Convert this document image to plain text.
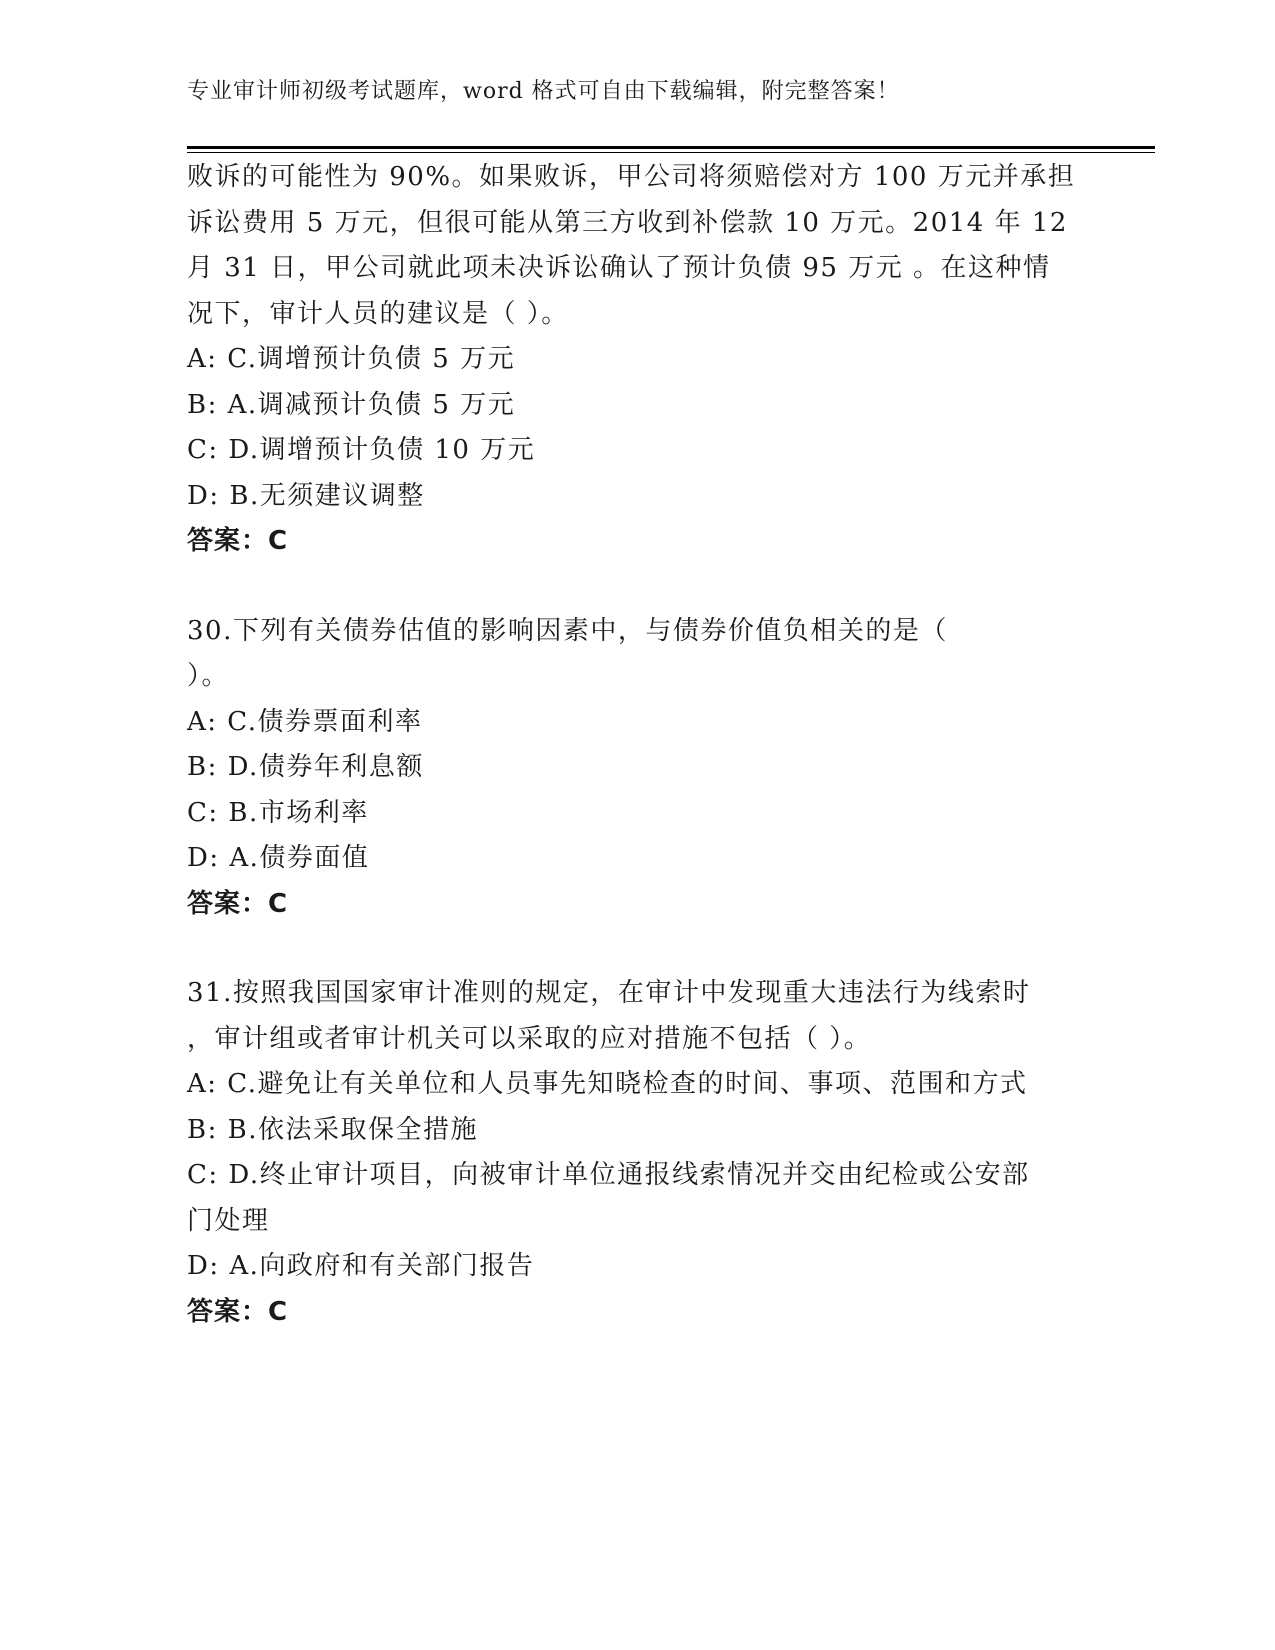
专业审计师初级考试题库，word 格式可自由下载编辑，附完整答案！
败诉的可能性为 90%。如果败诉，甲公司将须赔偿对方 100 万元并承担
诉讼费用 5 万元，但很可能从第三方收到补偿款 10 万元。2014 年 12
月 31 日，甲公司就此项未决诉讼确认了预计负债 95 万元 。在这种情
况下，审计人员的建议是（ ）。
A: C.调增预计负债 5 万元
B: A.调减预计负债 5 万元
C: D.调增预计负债 10 万元
D: B.无须建议调整
答案：C
30.下列有关债券估值的影响因素中，与债券价值负相关的是（
）。
A: C.债券票面利率
B: D.债券年利息额
C: B.市场利率
D: A.债券面值
答案：C
31.按照我国国家审计准则的规定，在审计中发现重大违法行为线索时
，审计组或者审计机关可以采取的应对措施不包括（ ）。
A: C.避免让有关单位和人员事先知晓检查的时间、事项、范围和方式
B: B.依法采取保全措施
C: D.终止审计项目，向被审计单位通报线索情况并交由纪检或公安部
门处理
D: A.向政府和有关部门报告
答案：C
